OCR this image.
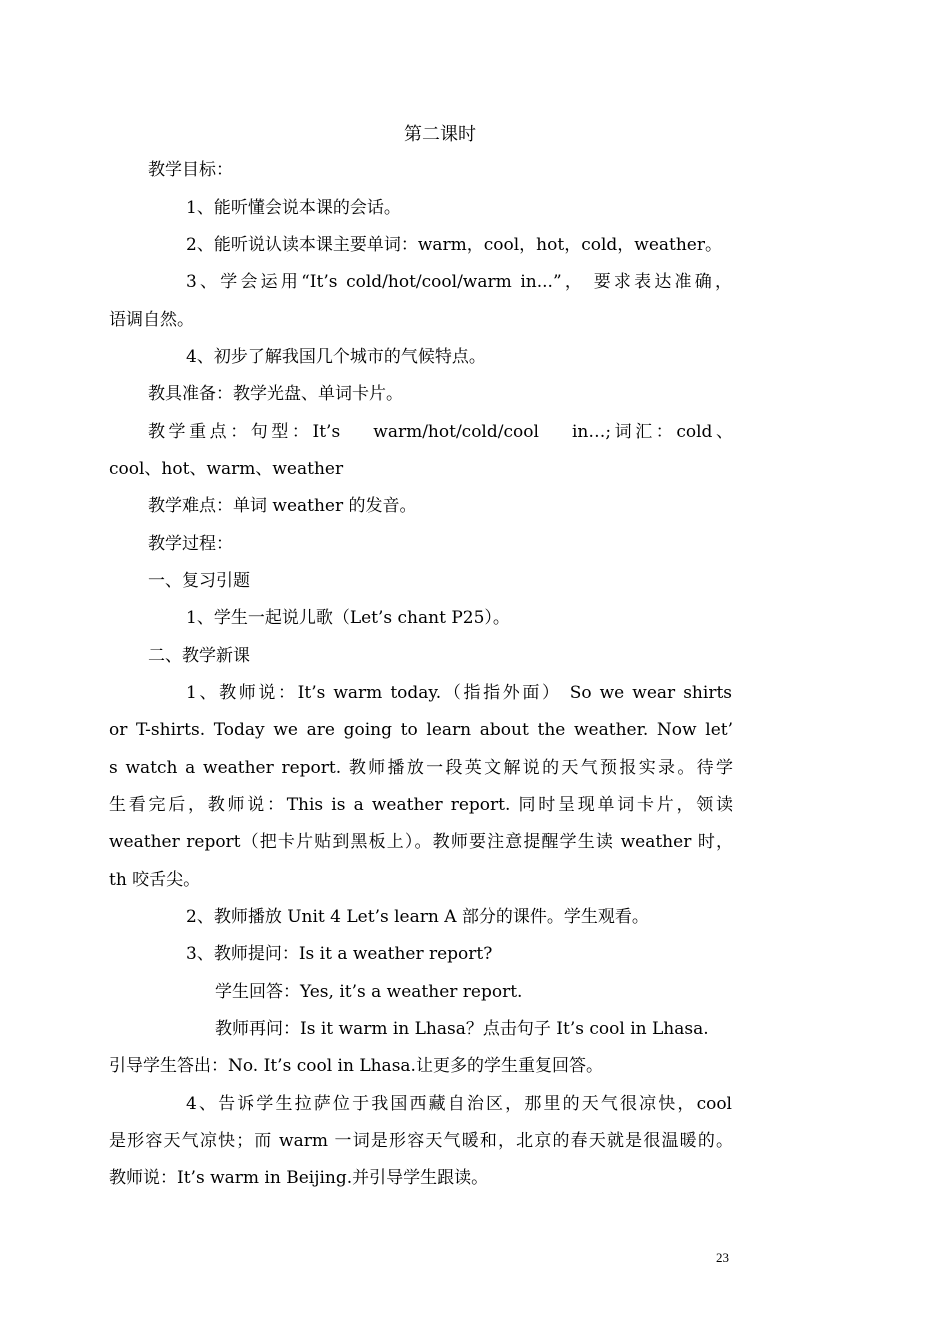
第二课时
教学目标：
1、能听懂会说本课的会话。
2、能听说认读本课主要单词：warm，cool，hot，cold，weather。
3、学会运用“It’s cold/hot/cool/warm in...”， 要求表达准确，
语调自然。
4、初步了解我国几个城市的气候特点。
教具准备：教学光盘、单词卡片。
教学重点：句型：It’s　 warm/hot/cold/cool　 in…;词汇：cold、
cool、hot、warm、weather
教学难点：单词 weather 的发音。
教学过程：
一、复习引题
1、学生一起说儿歌（Let’s chant P25）。
二、教学新课
1、教师说：It’s warm today.（指指外面） So we wear shirts
or T-shirts. Today we are going to learn about the weather. Now let’
s watch a weather report. 教师播放一段英文解说的天气预报实录。待学
生看完后，教师说：This is a weather report. 同时呈现单词卡片，领读
weather report（把卡片贴到黑板上）。教师要注意提醒学生读 weather 时，
th 咬舌尖。
2、教师播放 Unit 4 Let’s learn A 部分的课件。学生观看。
3、教师提问：Is it a weather report?
学生回答：Yes, it’s a weather report.
教师再问：Is it warm in Lhasa？点击句子 It’s cool in Lhasa.
引导学生答出：No. It’s cool in Lhasa.让更多的学生重复回答。
4、告诉学生拉萨位于我国西藏自治区，那里的天气很凉快，cool
是形容天气凉快；而 warm 一词是形容天气暖和，北京的春天就是很温暖的。
教师说：It’s warm in Beijing.并引导学生跟读。
23
